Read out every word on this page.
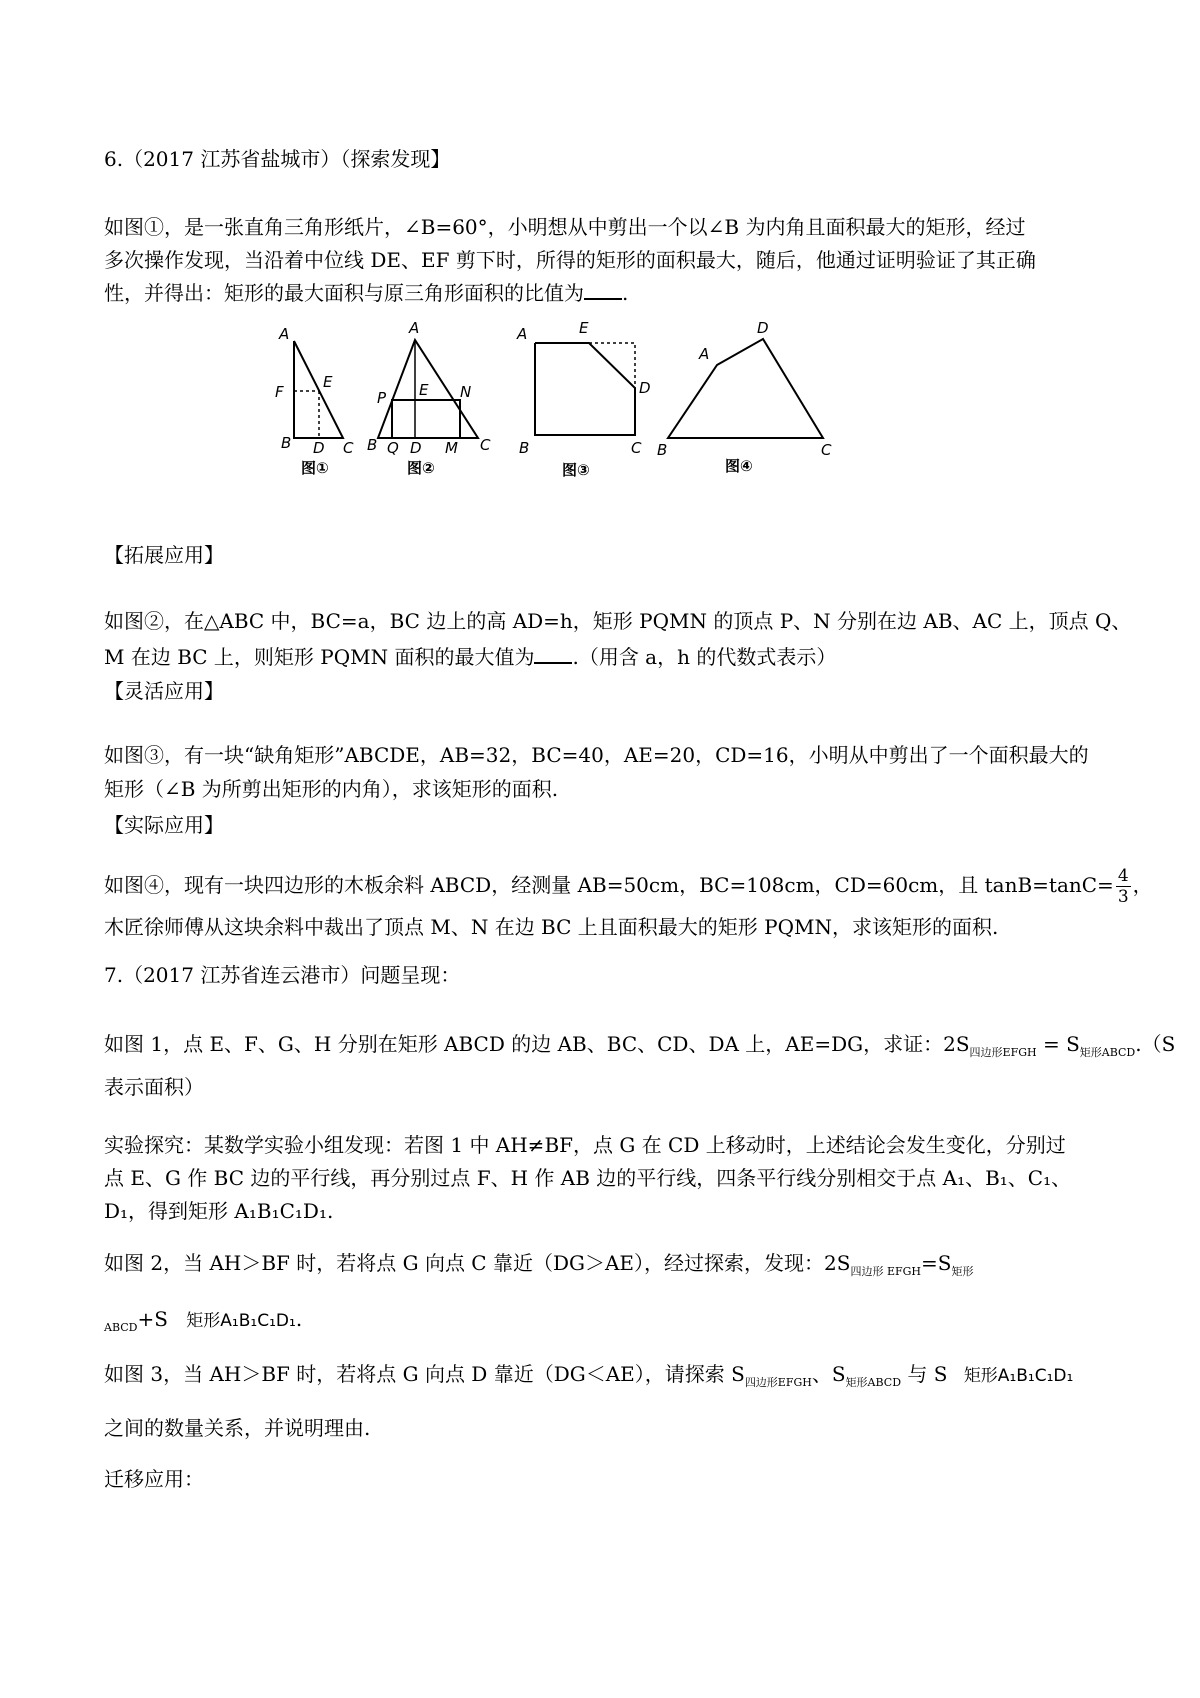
6.（2017 江苏省盐城市）（探索发现】
如图①，是一张直角三角形纸片，∠B=60°，小明想从中剪出一个以∠B 为内角且面积最大的矩形，经过
多次操作发现，当沿着中位线 DE、EF 剪下时，所得的矩形的面积最大，随后，他通过证明验证了其正确
性，并得出：矩形的最大面积与原三角形面积的比值为 .
A
F
E
B D C
图①
A
P E N
B Q D M C
图②
A	E
D
B	C
图③
A
D
B	C
图④
【拓展应用】
如图②，在△ABC 中，BC=a，BC 边上的高 AD=h，矩形 PQMN 的顶点 P、N 分别在边 AB、AC 上，顶点 Q、
M 在边 BC 上，则矩形 PQMN 面积的最大值为 .（用含 a，h 的代数式表示）
【灵活应用】
如图③，有一块“缺角矩形”ABCDE，AB=32，BC=40，AE=20，CD=16，小明从中剪出了一个面积最大的
矩形（∠B 为所剪出矩形的内角），求该矩形的面积.
【实际应用】
如图④，现有一块四边形的木板余料 ABCD，经测量 AB=50cm，BC=108cm，CD=60cm，且 $\tan B=\tan C= \frac{4}{3}$ ，
木匠徐师傅从这块余料中裁出了顶点 M、N 在边 BC 上且面积最大的矩形 PQMN，求该矩形的面积.
7.（2017 江苏省连云港市）问题呈现：
如图 1，点 E、F、G、H 分别在矩形 ABCD 的边 AB、BC、CD、DA 上，AE=DG，求证：$2S_{四边形EFGH} = S_{矩形ABCD}.(S$
表示面积）
实验探究：某数学实验小组发现：若图 1 中 AH≠BF，点 G 在 CD 上移动时，上述结论会发生变化，分别过
点 E、G 作 BC 边的平行线，再分别过点 F、H 作 AB 边的平行线，四条平行线分别相交于点 A₁、B₁、C₁、
D₁，得到矩形 A₁B₁C₁D₁.
如图 2，当 AH＞BF 时，若将点 G 向点 C 靠近（DG＞AE），经过探索，发现：$2S_{四边形 EFGH}=S_{矩形}$
$_{ABCD}$+S 矩形A₁B₁C₁D₁.
如图 3，当 AH＞BF 时，若将点 G 向点 D 靠近（DG＜AE），请探索 $S_{四边形EFGH}$、$S_{矩形ABCD}$ 与 S 矩形A₁B₁C₁D₁
之间的数量关系，并说明理由.
迁移应用：
